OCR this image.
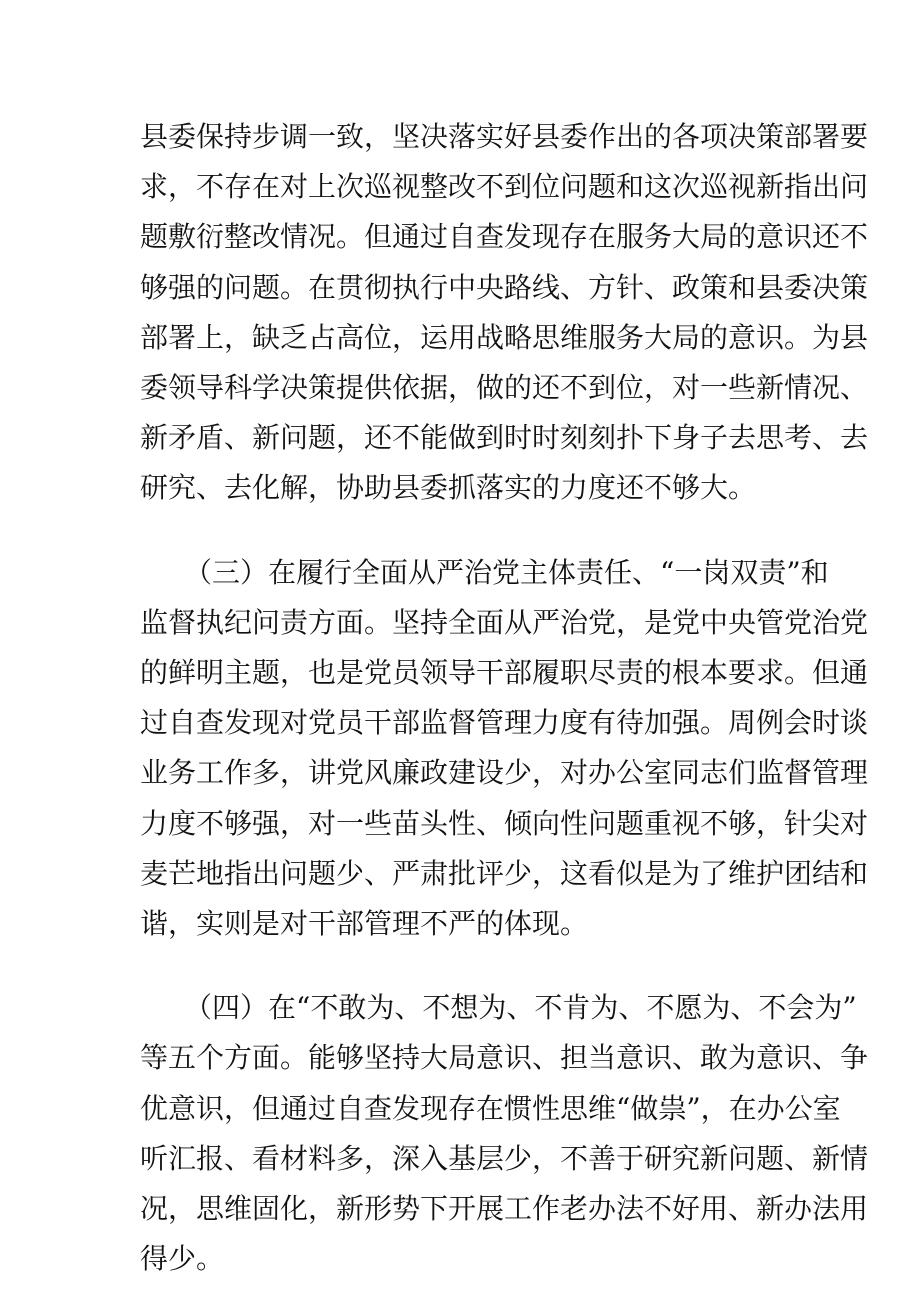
县委保持步调一致，坚决落实好县委作出的各项决策部署要
求，不存在对上次巡视整改不到位问题和这次巡视新指出问
题敷衍整改情况。但通过自查发现存在服务大局的意识还不
够强的问题。在贯彻执行中央路线、方针、政策和县委决策
部署上，缺乏占高位，运用战略思维服务大局的意识。为县
委领导科学决策提供依据，做的还不到位，对一些新情况、
新矛盾、新问题，还不能做到时时刻刻扑下身子去思考、去
研究、去化解，协助县委抓落实的力度还不够大。
（三）在履行全面从严治党主体责任、“一岗双责”和
监督执纪问责方面。坚持全面从严治党，是党中央管党治党
的鲜明主题，也是党员领导干部履职尽责的根本要求。但通
过自查发现对党员干部监督管理力度有待加强。周例会时谈
业务工作多，讲党风廉政建设少，对办公室同志们监督管理
力度不够强，对一些苗头性、倾向性问题重视不够，针尖对
麦芒地指出问题少、严肃批评少，这看似是为了维护团结和
谐，实则是对干部管理不严的体现。
（四）在“不敢为、不想为、不肯为、不愿为、不会为”
等五个方面。能够坚持大局意识、担当意识、敢为意识、争
优意识，但通过自查发现存在惯性思维“做祟”，在办公室
听汇报、看材料多，深入基层少，不善于研究新问题、新情
况，思维固化，新形势下开展工作老办法不好用、新办法用
得少。
